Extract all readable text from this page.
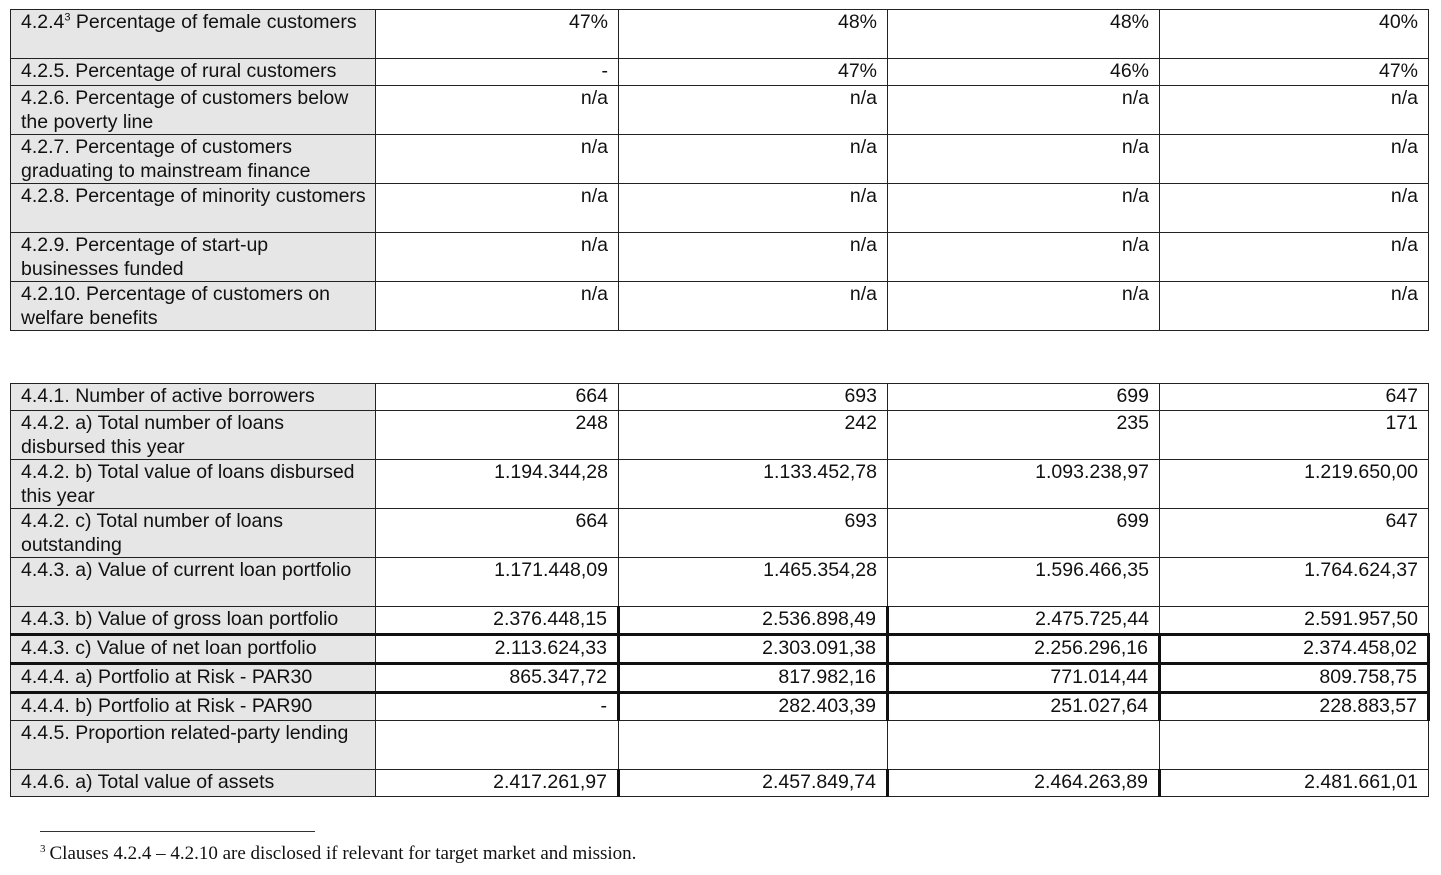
4.2.4$^3$ Percentage of female customers	47%	48%	48%	40%
4.2.5. Percentage of rural customers	-	47%	46%	47%
4.2.6. Percentage of customers below the poverty line	n/a	n/a	n/a	n/a
4.2.7. Percentage of customers graduating to mainstream finance	n/a	n/a	n/a	n/a
4.2.8. Percentage of minority customers	n/a	n/a	n/a	n/a
4.2.9. Percentage of start-up businesses funded	n/a	n/a	n/a	n/a
4.2.10. Percentage of customers on welfare benefits	n/a	n/a	n/a	n/a
4.4.1. Number of active borrowers	664	693	699	647
4.4.2. a) Total number of loans disbursed this year	248	242	235	171
4.4.2. b) Total value of loans disbursed this year	1.194.344,28	1.133.452,78	1.093.238,97	1.219.650,00
4.4.2. c) Total number of loans outstanding	664	693	699	647
4.4.3. a) Value of current loan portfolio	1.171.448,09	1.465.354,28	1.596.466,35	1.764.624,37
4.4.3. b) Value of gross loan portfolio	2.376.448,15	2.536.898,49	2.475.725,44	2.591.957,50
4.4.3. c) Value of net loan portfolio	2.113.624,33	2.303.091,38	2.256.296,16	2.374.458,02
4.4.4. a) Portfolio at Risk - PAR30	865.347,72	817.982,16	771.014,44	809.758,75
4.4.4. b) Portfolio at Risk - PAR90	-	282.403,39	251.027,64	228.883,57
4.4.5. Proportion related-party lending				
4.4.6. a) Total value of assets	2.417.261,97	2.457.849,74	2.464.263,89	2.481.661,01
$^3$ Clauses 4.2.4 – 4.2.10 are disclosed if relevant for target market and mission.
